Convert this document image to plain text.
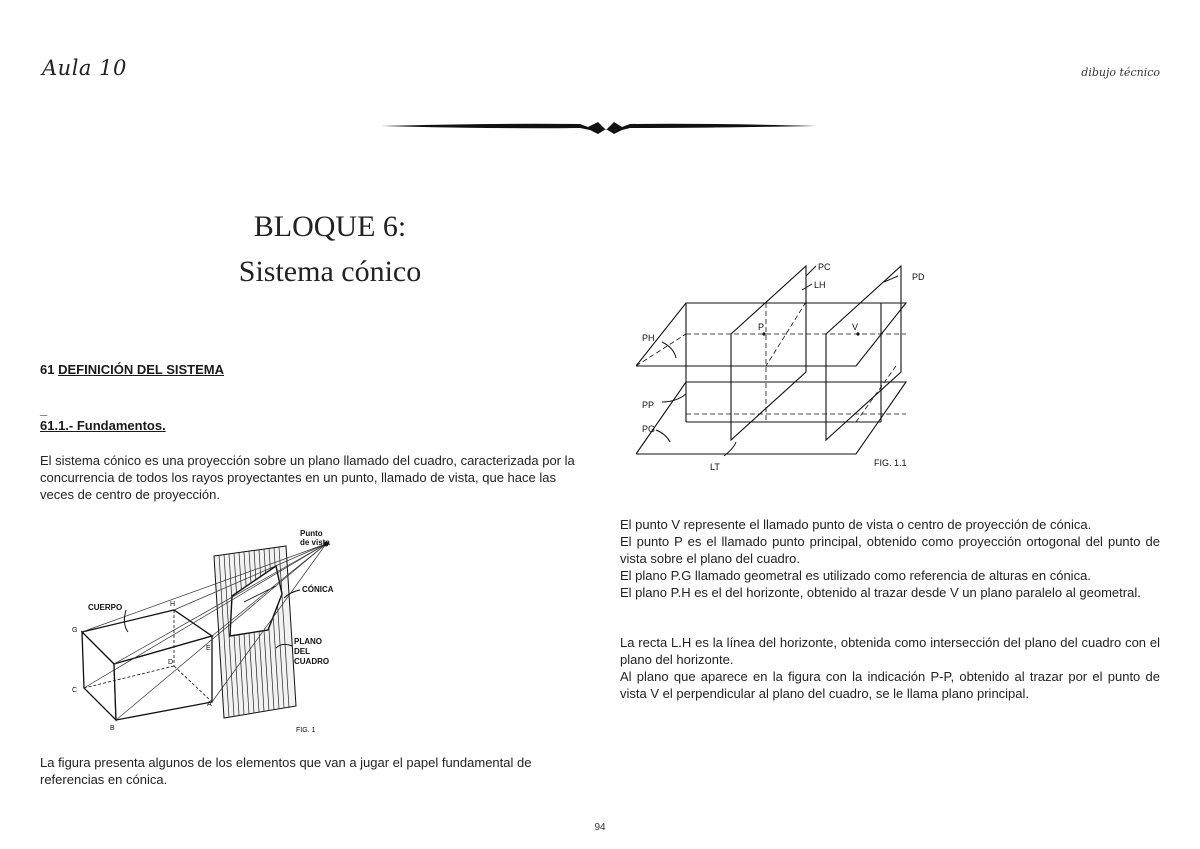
Aula 10	dibujo técnico
BLOQUE 6:
Sistema cónico
61 DEFINICIÓN DEL SISTEMA
_
61.1.- Fundamentos.
El sistema cónico es una proyección sobre un plano llamado del cuadro, caracterizada por la concurrencia de todos los rayos proyectantes en un punto, llamado de vista, que hace las veces de centro de proyección.
CUERPO
Punto
de vista
CÓNICA
PLANO
DEL
CUADRO
G
H
C
D
E
B
A
FIG. 1
La figura presenta algunos de los elementos que van a jugar el papel fundamental de referencias en cónica.
PC
LH
PD
PH
P	V
PP
PG
LT	FIG. 1.1
El punto V represente el llamado punto de vista o centro de proyección de cónica.
El punto P es el llamado punto principal, obtenido como proyección ortogonal del punto de vista sobre el plano del cuadro.
El plano P.G llamado geometral es utilizado como referencia de alturas en cónica.
El plano P.H es el del horizonte, obtenido al trazar desde V un plano paralelo al geometral.
La recta L.H es la línea del horizonte, obtenida como intersección del plano del cuadro con el plano del horizonte.
Al plano que aparece en la figura con la indicación P-P, obtenido al trazar por el punto de vista V el perpendicular al plano del cuadro, se le llama plano principal.
94
